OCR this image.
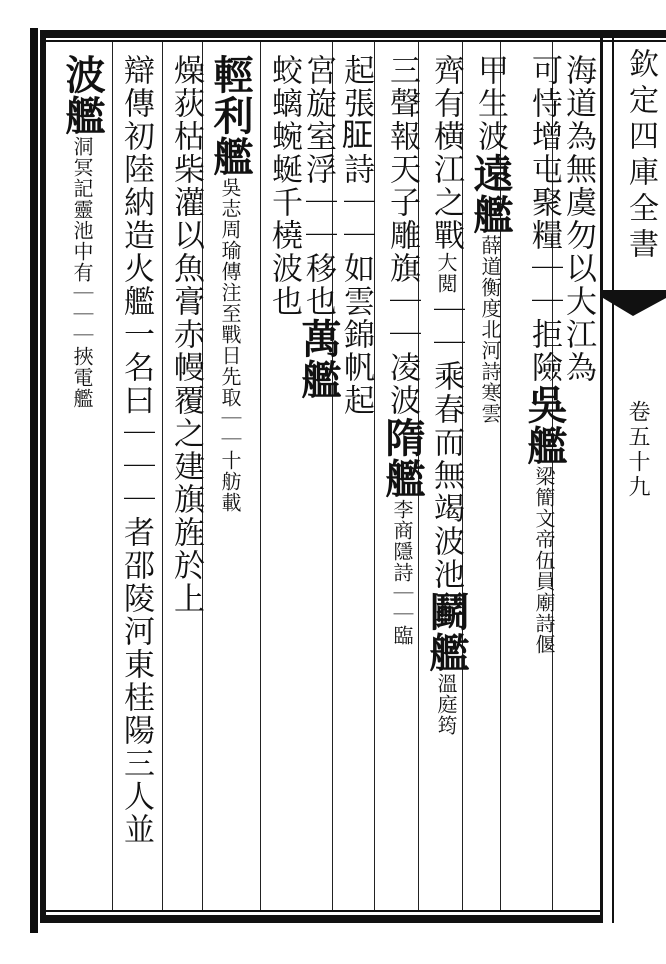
欽定四庫全書
卷五十九
海道為無虞勿以大江為
可恃增屯聚糧｜｜拒險吳艦梁簡文帝伍員廟詩偃
甲生波遠艦薛道衡度北河詩寒雲
齊有横江之戰大閲｜｜乘春而無竭波池鬬艦溫庭筠
三聲報天子雕旗｜｜凌波隋艦李商隱詩｜｜臨
起張𦙫詩｜｜如雲錦帆起
宮旋室浮｜｜移也萬艦
蛟螭蜿蜒千橈波也
輕利艦吳志周瑜傳注至戰日先取｜｜十舫載
燥荻枯柴灌以魚膏赤幔覆之建旗旌於上
辯傳初陸納造火艦一名曰｜｜｜者邵陵河東桂陽三人並
波艦洞冥記靈池中有｜｜｜挾電艦
